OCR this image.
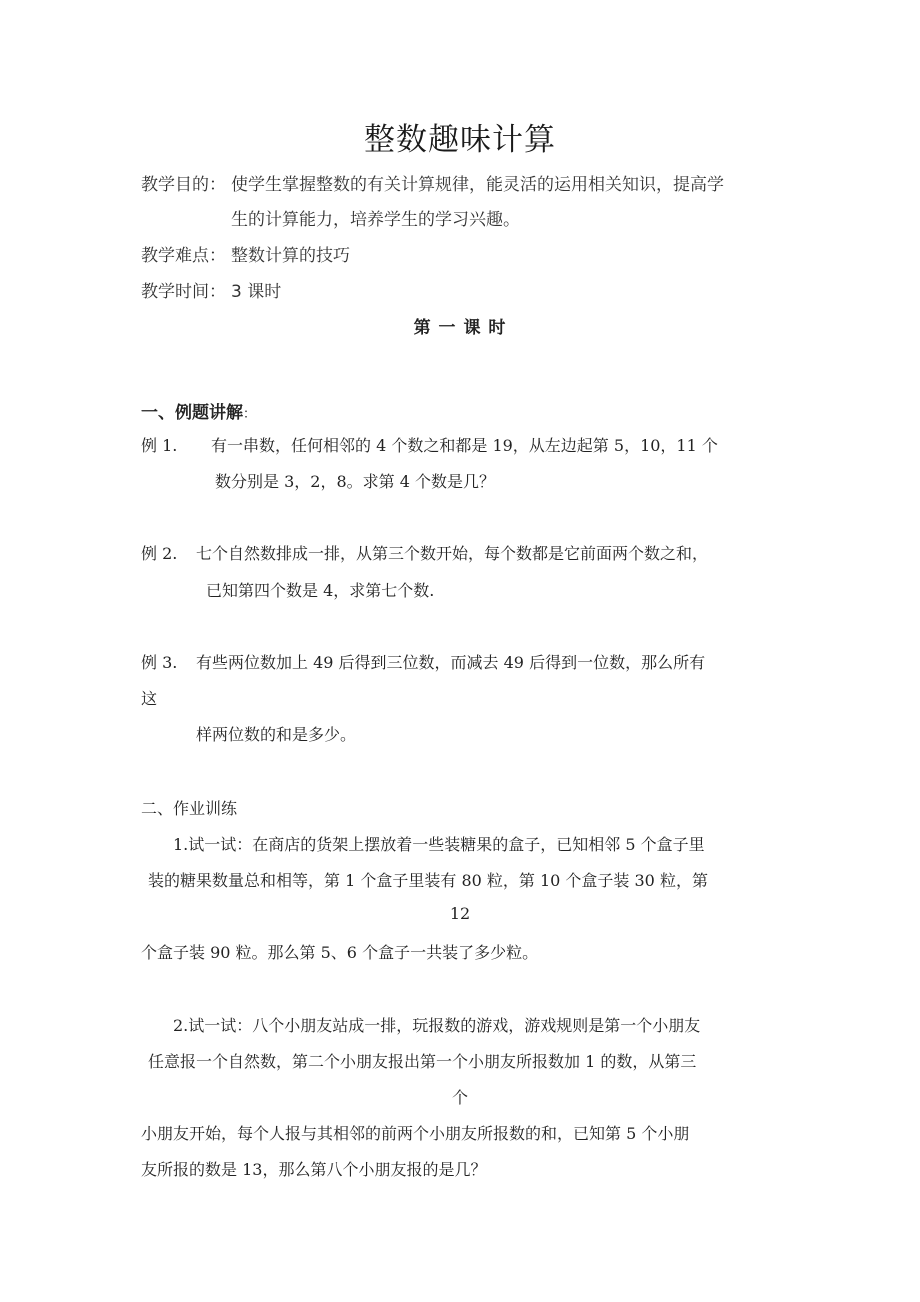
整数趣味计算
教学目的： 使学生掌握整数的有关计算规律，能灵活的运用相关知识，提高学
生的计算能力，培养学生的学习兴趣。
教学难点： 整数计算的技巧
教学时间： 3 课时
第 一 课 时
一、例题讲解：
例 1. 有一串数，任何相邻的 4 个数之和都是 19，从左边起第 5，10，11 个
数分别是 3，2，8。求第 4 个数是几？
例 2. 七个自然数排成一排，从第三个数开始，每个数都是它前面两个数之和，
已知第四个数是 4，求第七个数.
例 3. 有些两位数加上 49 后得到三位数，而减去 49 后得到一位数，那么所有
这
样两位数的和是多少。
二、作业训练
1.试一试：在商店的货架上摆放着一些装糖果的盒子，已知相邻 5 个盒子里
装的糖果数量总和相等，第 1 个盒子里装有 80 粒，第 10 个盒子装 30 粒，第
12
个盒子装 90 粒。那么第 5、6 个盒子一共装了多少粒。
2.试一试：八个小朋友站成一排，玩报数的游戏，游戏规则是第一个小朋友
任意报一个自然数，第二个小朋友报出第一个小朋友所报数加 1 的数，从第三
个
小朋友开始，每个人报与其相邻的前两个小朋友所报数的和，已知第 5 个小朋
友所报的数是 13，那么第八个小朋友报的是几？
